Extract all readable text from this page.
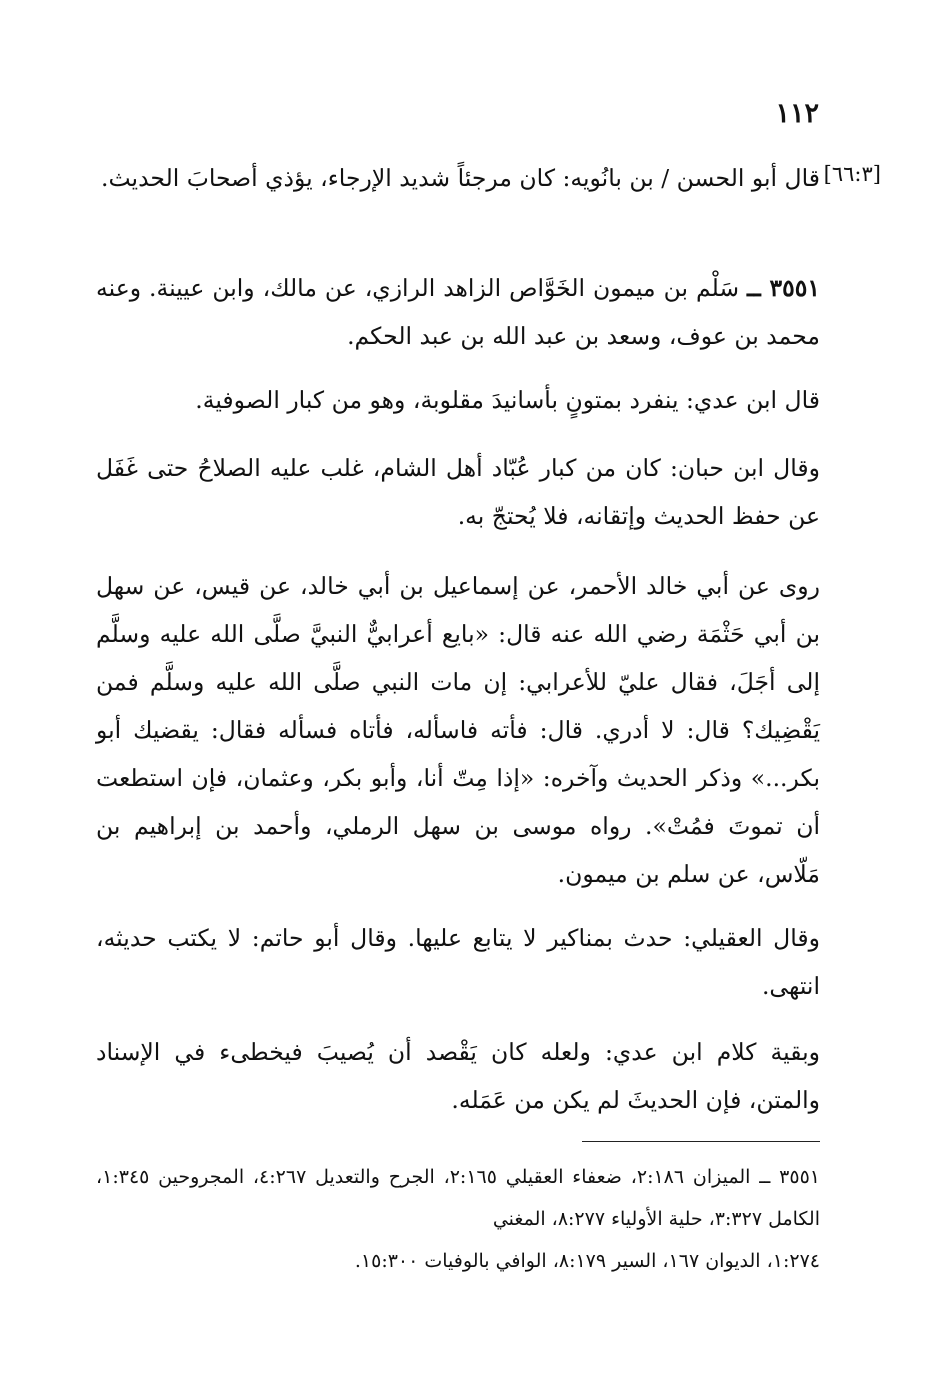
١١٢
[٦٦:٣]

قال أبو الحسن / بن بانُويه: كان مرجئاً شديد الإرجاء، يؤذي أصحابَ الحديث.

٣٥٥١ ــ سَلْم بن ميمون الخَوَّاص الزاهد الرازي، عن مالك، وابن عيينة. وعنه محمد بن عوف، وسعد بن عبد الله بن عبد الحكم.

قال ابن عدي: ينفرد بمتونٍ بأسانيدَ مقلوبة، وهو من كبار الصوفية.

وقال ابن حبان: كان من كبار عُبّاد أهل الشام، غلب عليه الصلاحُ حتى غَفَل عن حفظ الحديث وإتقانه، فلا يُحتجّ به.

روى عن أبي خالد الأحمر، عن إسماعيل بن أبي خالد، عن قيس، عن سهل بن أبي حَثْمَة رضي الله عنه قال: «بايع أعرابيٌّ النبيَّ صلَّى الله عليه وسلَّم إلى أجَلَ، فقال عليّ للأعرابي: إن مات النبي صلَّى الله عليه وسلَّم فمن يَقْضِيك؟ قال: لا أدري. قال: فأته فاسأله، فأتاه فسأله فقال: يقضيك أبو بكر...» وذكر الحديث وآخره: «إذا مِتّ أنا، وأبو بكر، وعثمان، فإن استطعت أن تموتَ فمُتْ». رواه موسى بن سهل الرملي، وأحمد بن إبراهيم بن مَلّاس، عن سلم بن ميمون.

وقال العقيلي: حدث بمناكير لا يتابع عليها. وقال أبو حاتم: لا يكتب حديثه، انتهى.

وبقية كلام ابن عدي: ولعله كان يَقْصد أن يُصيبَ فيخطىء في الإسناد والمتن، فإن الحديثَ لم يكن من عَمَله.

٣٥٥١ ــ الميزان ٢:١٨٦، ضعفاء العقيلي ٢:١٦٥، الجرح والتعديل ٤:٢٦٧، المجروحين ١:٣٤٥، الكامل ٣:٣٢٧، حلية الأولياء ٨:٢٧٧، المغني
١:٢٧٤، الديوان ١٦٧، السير ٨:١٧٩، الوافي بالوفيات ١٥:٣٠٠.
